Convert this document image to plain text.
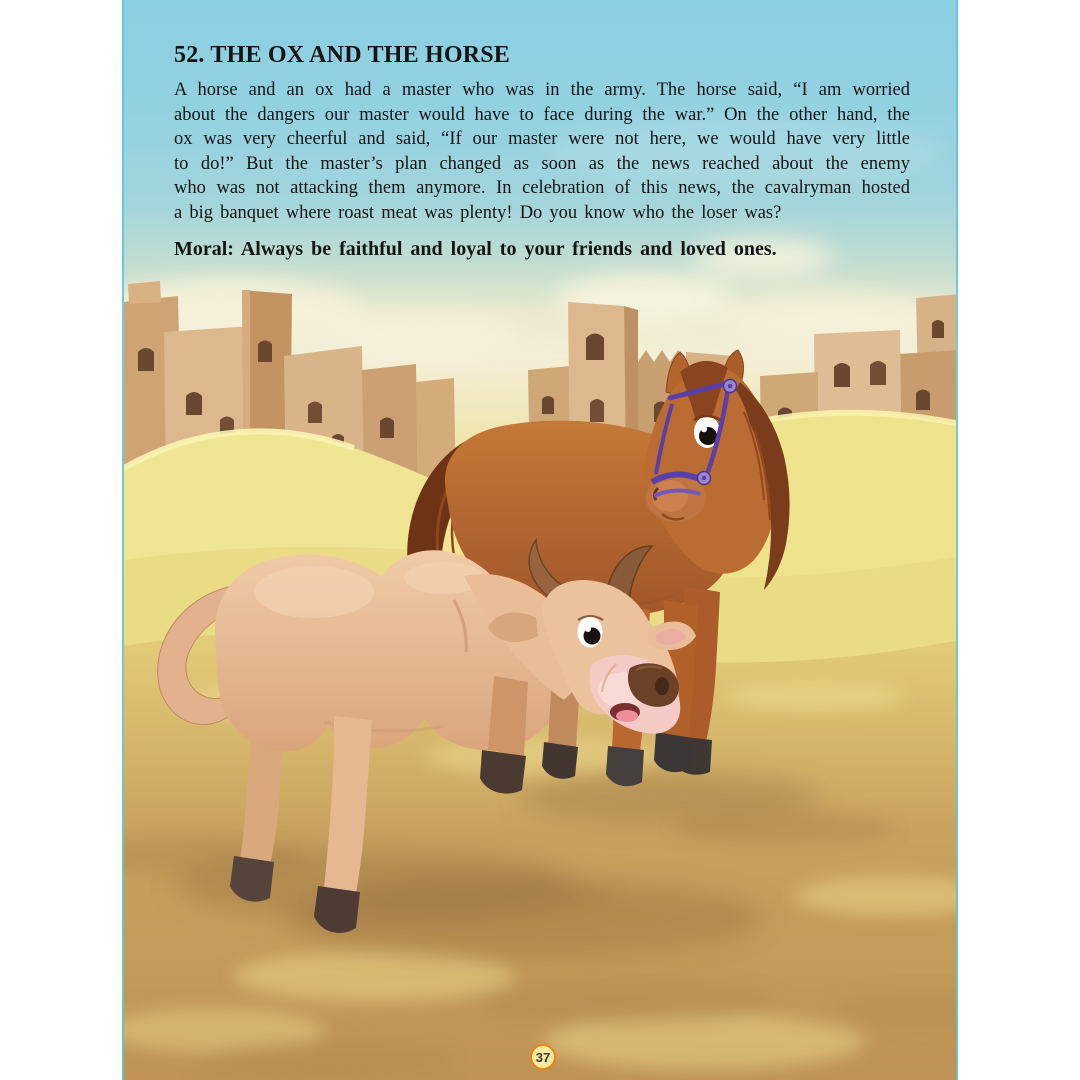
52. THE OX AND THE HORSE
A horse and an ox had a master who was in the army. The horse said, “I am worried
about the dangers our master would have to face during the war.” On the other hand, the
ox was very cheerful and said, “If our master were not here, we would have very little
to do!” But the master’s plan changed as soon as the news reached about the enemy
who was not attacking them anymore. In celebration of this news, the cavalryman hosted
a big banquet where roast meat was plenty! Do you know who the loser was?
Moral: Always be faithful and loyal to your friends and loved ones.
37
